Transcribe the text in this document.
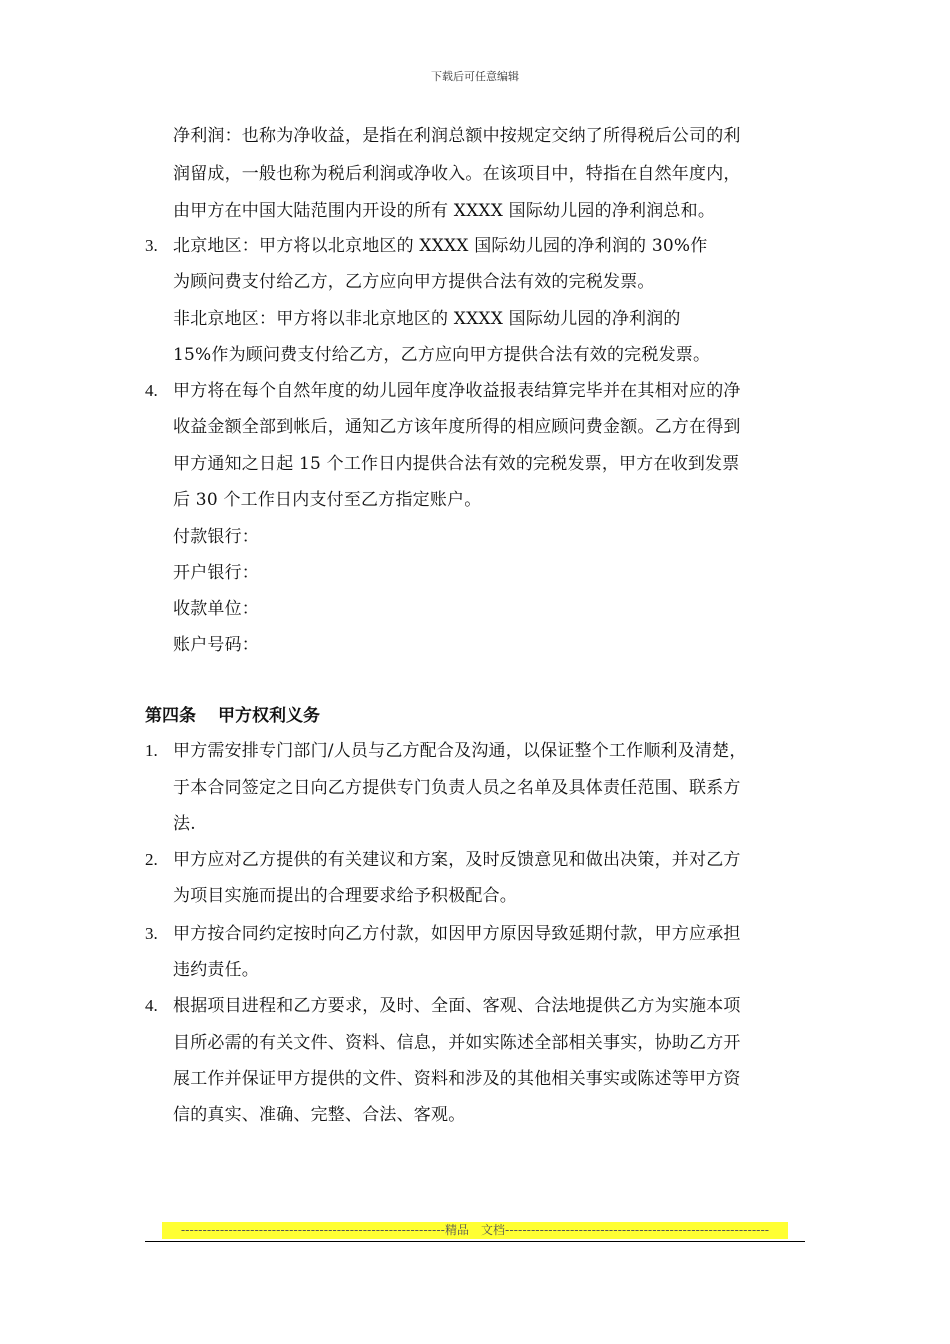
下载后可任意编辑
净利润：也称为净收益，是指在利润总额中按规定交纳了所得税后公司的利
润留成，一般也称为税后利润或净收入。在该项目中，特指在自然年度内，
由甲方在中国大陆范围内开设的所有 XXXX 国际幼儿园的净利润总和。
3. 北京地区：甲方将以北京地区的 XXXX 国际幼儿园的净利润的 30%作
为顾问费支付给乙方，乙方应向甲方提供合法有效的完税发票。
非北京地区：甲方将以非北京地区的 XXXX 国际幼儿园的净利润的
15%作为顾问费支付给乙方，乙方应向甲方提供合法有效的完税发票。
4. 甲方将在每个自然年度的幼儿园年度净收益报表结算完毕并在其相对应的净
收益金额全部到帐后，通知乙方该年度所得的相应顾问费金额。乙方在得到
甲方通知之日起 15 个工作日内提供合法有效的完税发票，甲方在收到发票
后 30 个工作日内支付至乙方指定账户。
付款银行：
开户银行：
收款单位：
账户号码：
第四条 甲方权利义务
1. 甲方需安排专门部门/人员与乙方配合及沟通，以保证整个工作顺利及清楚，
于本合同签定之日向乙方提供专门负责人员之名单及具体责任范围、联系方
法.
2. 甲方应对乙方提供的有关建议和方案，及时反馈意见和做出决策，并对乙方
为项目实施而提出的合理要求给予积极配合。
3. 甲方按合同约定按时向乙方付款，如因甲方原因导致延期付款，甲方应承担
违约责任。
4. 根据项目进程和乙方要求，及时、全面、客观、合法地提供乙方为实施本项
目所必需的有关文件、资料、信息，并如实陈述全部相关事实，协助乙方开
展工作并保证甲方提供的文件、资料和涉及的其他相关事实或陈述等甲方资
信的真实、准确、完整、合法、客观。
-------------------------------------------------------------精品　文档-------------------------------------------------------------
